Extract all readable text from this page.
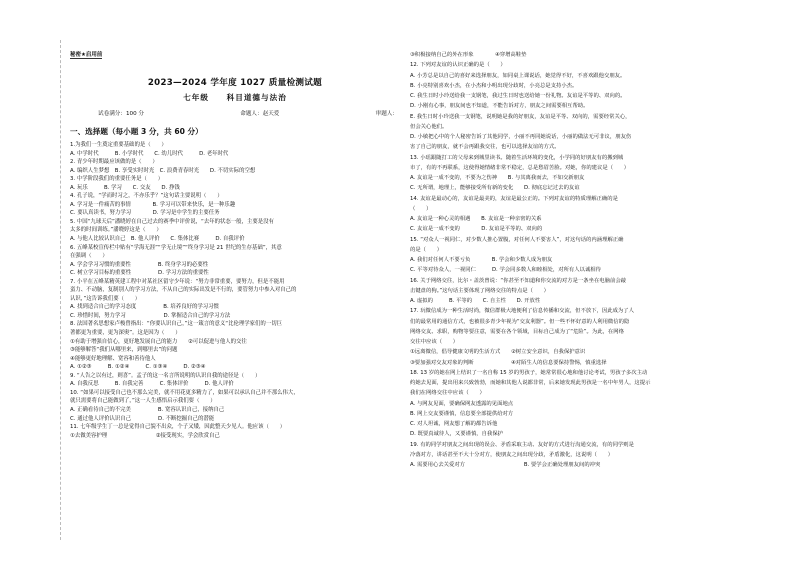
秘密★启用前
2023—2024 学年度 1027 质量检测试题
七年级 科目道德与法治
试卷满分：100 分	命题人：赵天爱	审题人：
一、选择题（每小题 3 分，共 60 分）
1.为我们一生奠定重要基础的是（　　）
A. 中学时代　　　B. 小学时代　　C. 幼儿时代　　　D. 老年时代
2. 青少年时期最应该做的是（　　）
A. 编织人生梦想　B. 享受实时时光　C. 浪费青春时光　　D. 不切实际的空想
3. 中学阶段我们的重要任务是（　　）
A. 玩乐　　　B. 学习　　C. 交友　　D. 挣钱
4. 孔子说，“学而时习之，不亦乐乎？”这句话主要说明（　　）
A. 学习是一件痛苦的事情　　　　B. 学习可以带来快乐，是一种乐趣
C. 要认真读书，努力学习　　　　D. 学习是中学生的主要任务
5. 中国“九球天后”潘晓婷在自己过去的赛季中评价说，“去年的状态一般，主要是没有
太多的时间训练。”潘晓婷这是（　　）
A. 与他人比较认识自己　B. 他人评价　　C. 集体比赛　　　D. 自我评价
6. 五峰某校宣传栏中贴有“学海无涯”“学无止境”“终身学习是 21 世纪的生存基础”，其意
在强调（　　）
A. 学会学习习惯的重要性　　　　　B. 终身学习的必要性
C. 树立学习目标的重要性　　　　　D. 学习方法的重要性
7. 小平在五峰某精英建工程中对某社区留守少年说：“努力非常重要，要努力，但是不能用
蛮力、不动脑，复制别人的学习方法，不从自己的实际出发是不行的，要管努力中参入对自己的
认识，”这告诉我们要（　　）
A. 找到适合自己的学习态度　　　　　B. 培养良好的学习习惯
C. 珍惜时间，努力学习　　　　　　　D. 掌握适合自己的学习方法
8. 法国著名思想家卢梭曾指出：“你要认识自己，”这一箴言的意义“比伦理学家们的一切巨
著都更为重要，更为深奥”。这是因为（　　）
①有助于增强自信心，更好地发展自己的能力　　②可以促进与他人的交往
③能够解答“我们从哪里来，到哪里去”的问题
④能够更好地理解、宽容和善待他人
A. ①②③　　　B. ①②④　　　C. ①③④　　　D. ②③④
9. “人告之以有过，则喜”。孟子的这一名言所说明的认识自我的途径是（　　）
A. 自我反思　　　B. 自我完善　　　C. 集体评价　　　D. 他人评价
10. “如果可以接受自己也不那么完美，就不用花更多精力了，如果可以承认自己并不那么伟大，
就只需要将自己能做到了，”这一人生感悟启示我们要（　　）
A. 正确看待自己的不完美　　　　　B. 宽容认识自己，接纳自己
C. 通过他人评价认识自己　　　　　D. 不断挖掘自己的潜能
11. 七年级学生丁一总是觉得自己貌不出众，个子又矮，因此整天少见人。他应该（　　）
①去做美容护理　　　　　　　　　②接受现实，学会欣赏自己
③积极接纳自己的外在形象　　　　④穿增高鞋垫
12. 下列对友谊的认识正确的是（　　）
A. 小芳总是以自己的喜好来选择朋友，如同桌上课说话，她觉得不好，不喜欢跟他交朋友。
B. 小亮特别喜欢小杰，在小杰和小明出现分歧时，小亮总是支持小杰。
C. 我生日时小玲送给我一支钢笔，我过生日时也送给她一份礼物。友谊是平等的、双向的。
D. 小刚有心事，朋友间也不知道，不能告诉对方，朋友之间需要相互帮助。
E. 我生日时小玲送我一支钢笔，说明她是我的好朋友，友谊是平等、双向的，需要经常关心，
但会关心他们。
D. 小敏把心中的个人秘密告诉了其他同学，小丽不再同她说话，小丽的做法无可非议，朋友伤
害了自己的朋友，就不会再跟我交往，也可以选择友谊的方式。
13. 小瑶跟随打工的父母来到城里读书。随着生活环境的变化，小学同的好朋友有的搬到城
市了，有的不再联系，这使得她情绪非常不稳定，总是愁眉苦脸。对她，你的建议是（　　）
A. 友谊是一成不变的，不要为之伤神　　B. 与其离我而去，不如交新朋友
C. 无所谓，地理上，能够接受所有新的变化　　D. 彻底忘记过去的友谊
14. 友谊是最动心的，友谊是最美的，友谊是最公正的。下列对友谊的特质理解正确的是
（　　）
A. 友谊是一种心灵的相遇　　B. 友谊是一种亲密的关系
C. 友谊是一成不变的　　　　D. 友谊是平等的、双向的
15. “对众人一视同仁，对少数人推心置腹，对任何人不要害人”，对这句话的内涵理解正确
的是（　　）
A. 我们对任何人不要亏负　　　　B. 学会和少数人成为朋友
C. 平等对待众人，一视同仁　　　D. 学会同多数人和睦相处，对所有人以诚相待
16. 关于网络交往，比尔・盖茨曾说：“你甚至不知道和你交流的对方是一条坐在电脑前会敲
击键盘的狗。”这句话主要体现了网络交往的特点是（　　）
A. 虚拟的　　　B. 平等的　　C. 自主性　　D. 开放性
17. 玩微信成为一种生活时尚，微信群极大地便利了信息传播和交流，但不放下，因此成为了人
们的最常用的通信方式，也被很多青少年视为“交友利器”。但一些不怀好意的人利用微信的隐
网络交友、求职，购物等要注意，需要在各个领域，目标自己成为了“危险”。为此，在网络
交往中应该（　　）
①远离微信，倡导健康文明的生活方式　　②树立安全意识，自我保护意识
③要加强对交友对象的判断　　　　　　　④对陌生人的信息要保持警惕，慎重选择
18. 13 岁的她在网上结识了一名自称 15 岁的男孩子，她常常很心地和他讨论考试，男孩子多次主动
约她去见面，提出用来兴致勃勃，而她和其他人说都非常，后来她发现此男孩是一名中年男人，这提示
我们在网络交往中应该（　　）
A. 与网友见面，要确保网友透露的见面地点
B. 网上交友要谨慎，信息要全部提供给对方
C. 对人坦诚，网友想了解的都告诉他
D. 既要真诚待人，又要谨慎，自我保护
19. 有的同学对朋友之间出现的误会、矛盾采取主动、友好的方式进行沟通交流，有的同学则是
冷落对方，讲话甚至不大十分对方，使朋友之间出现分歧，矛盾激化，这说明（　　）
A. 需要用心去关爱对方　　　　　　　　　　　B. 要学会正确处理朋友间的冲突
